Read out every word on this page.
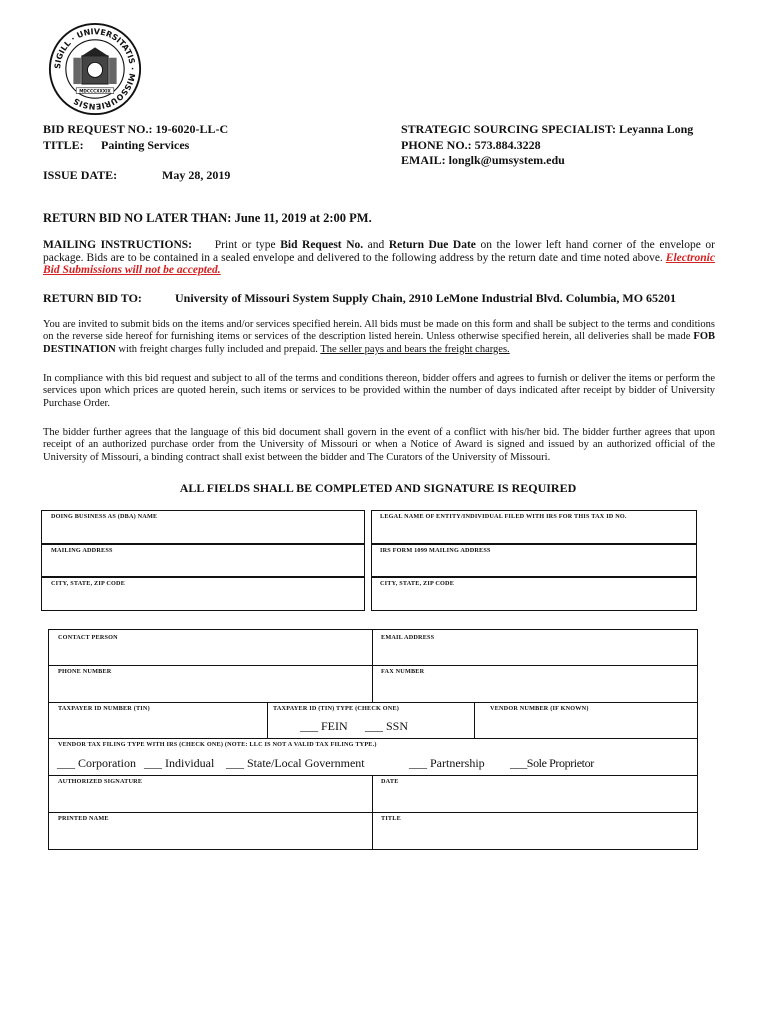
SIGILL · UNIVERSITATIS · MISSOURIENSIS
MDCCCXXXIX
BID REQUEST NO.: 19-6020-LL-C
TITLE: Painting Services
ISSUE DATE:	May 28, 2019
STRATEGIC SOURCING SPECIALIST: Leyanna Long
PHONE NO.: 573.884.3228
EMAIL: longlk@umsystem.edu
RETURN BID NO LATER THAN: June 11, 2019 at 2:00 PM.
MAILING INSTRUCTIONS: Print or type Bid Request No. and Return Due Date on the lower left hand corner of the envelope or package. Bids are to be contained in a sealed envelope and delivered to the following address by the return date and time noted above. Electronic Bid Submissions will not be accepted.
RETURN BID TO:	University of Missouri System Supply Chain, 2910 LeMone Industrial Blvd. Columbia, MO 65201
You are invited to submit bids on the items and/or services specified herein. All bids must be made on this form and shall be subject to the terms and conditions on the reverse side hereof for furnishing items or services of the description listed herein. Unless otherwise specified herein, all deliveries shall be made FOB DESTINATION with freight charges fully included and prepaid. The seller pays and bears the freight charges.
In compliance with this bid request and subject to all of the terms and conditions thereon, bidder offers and agrees to furnish or deliver the items or perform the services upon which prices are quoted herein, such items or services to be provided within the number of days indicated after receipt by bidder of University Purchase Order.
The bidder further agrees that the language of this bid document shall govern in the event of a conflict with his/her bid. The bidder further agrees that upon receipt of an authorized purchase order from the University of Missouri or when a Notice of Award is signed and issued by an authorized official of the University of Missouri, a binding contract shall exist between the bidder and The Curators of the University of Missouri.
ALL FIELDS SHALL BE COMPLETED AND SIGNATURE IS REQUIRED
DOING BUSINESS AS (DBA) NAME	LEGAL NAME OF ENTITY/INDIVIDUAL FILED WITH IRS FOR THIS TAX ID NO.
MAILING ADDRESS	IRS FORM 1099 MAILING ADDRESS
CITY, STATE, ZIP CODE	CITY, STATE, ZIP CODE
CONTACT PERSON	EMAIL ADDRESS
PHONE NUMBER	FAX NUMBER
TAXPAYER ID NUMBER (TIN)	TAXPAYER ID (TIN) TYPE (CHECK ONE)	VENDOR NUMBER (IF KNOWN)
___ FEIN ___ SSN
VENDOR TAX FILING TYPE WITH IRS (CHECK ONE) (NOTE: LLC IS NOT A VALID TAX FILING TYPE.)
___ Corporation ___ Individual ___ State/Local Government	___ Partnership ___Sole Proprietor
AUTHORIZED SIGNATURE	DATE
PRINTED NAME	TITLE
